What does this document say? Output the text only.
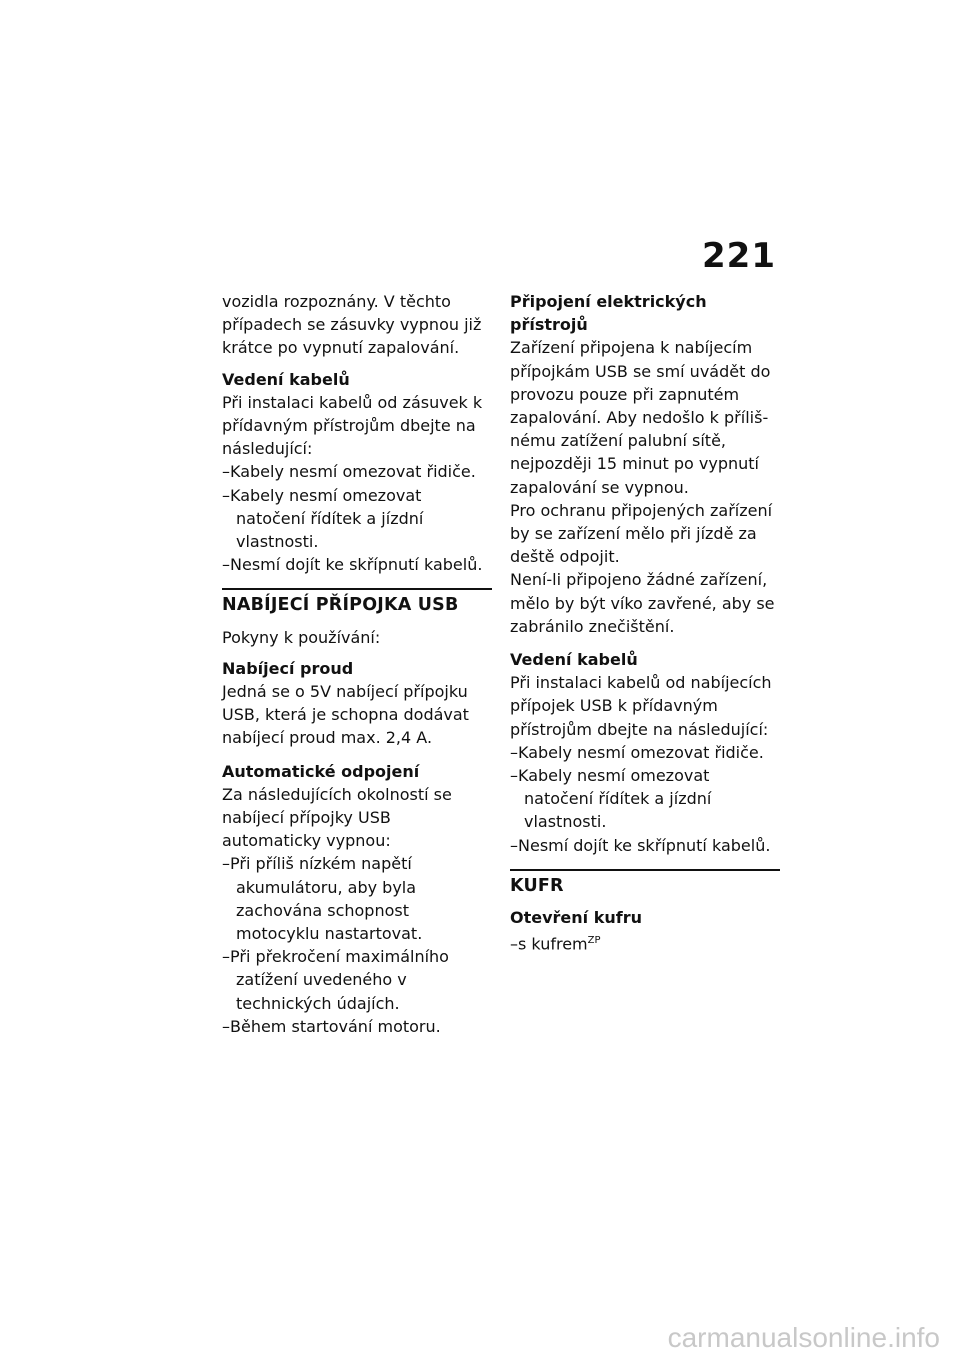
221

vozidla rozpoznány. V těchto případech se zásuvky vypnou již krátce po vypnutí zapalování.

Vedení kabelů
Při instalaci kabelů od zásuvek k přídavným přístrojům dbejte na následující:
–Kabely nesmí omezovat řidiče.
–Kabely nesmí omezovat natočení řídítek a jízdní vlastnosti.
–Nesmí dojít ke skřípnutí kabelů.
NABÍJECÍ PŘÍPOJKA USB

Pokyny k používání:

Nabíjecí proud
Jedná se o 5V nabíjecí přípojku USB, která je schopna dodávat nabíjecí proud max. 2,4 A.
Automatické odpojení
Za následujících okolností se nabíjecí přípojky USB automaticky vypnou:
–Při příliš nízkém napětí akumulátoru, aby byla zachována schopnost motocyklu nastartovat.
–Při překročení maximálního zatížení uvedeného v technických údajích.
–Během startování motoru.
Připojení elektrických přístrojů
Zařízení připojena k nabíjecím přípojkám USB se smí uvádět do provozu pouze při zapnutém zapalování. Aby nedošlo k přílišnému zatížení palubní sítě, nejpozději 15 minut po vypnutí zapalování se vypnou.
Pro ochranu připojených zařízení by se zařízení mělo při jízdě za deště odpojit.
Není-li připojeno žádné zařízení, mělo by být víko zavřené, aby se zabránilo znečištění.
Vedení kabelů
Při instalaci kabelů od nabíjecích přípojek USB k přídavným přístrojům dbejte na následující:
–Kabely nesmí omezovat řidiče.
–Kabely nesmí omezovat natočení řídítek a jízdní vlastnosti.
–Nesmí dojít ke skřípnutí kabelů.
KUFR
Otevření kufru
–s kufrem$^{ZP}$
carmanualsonline.info
